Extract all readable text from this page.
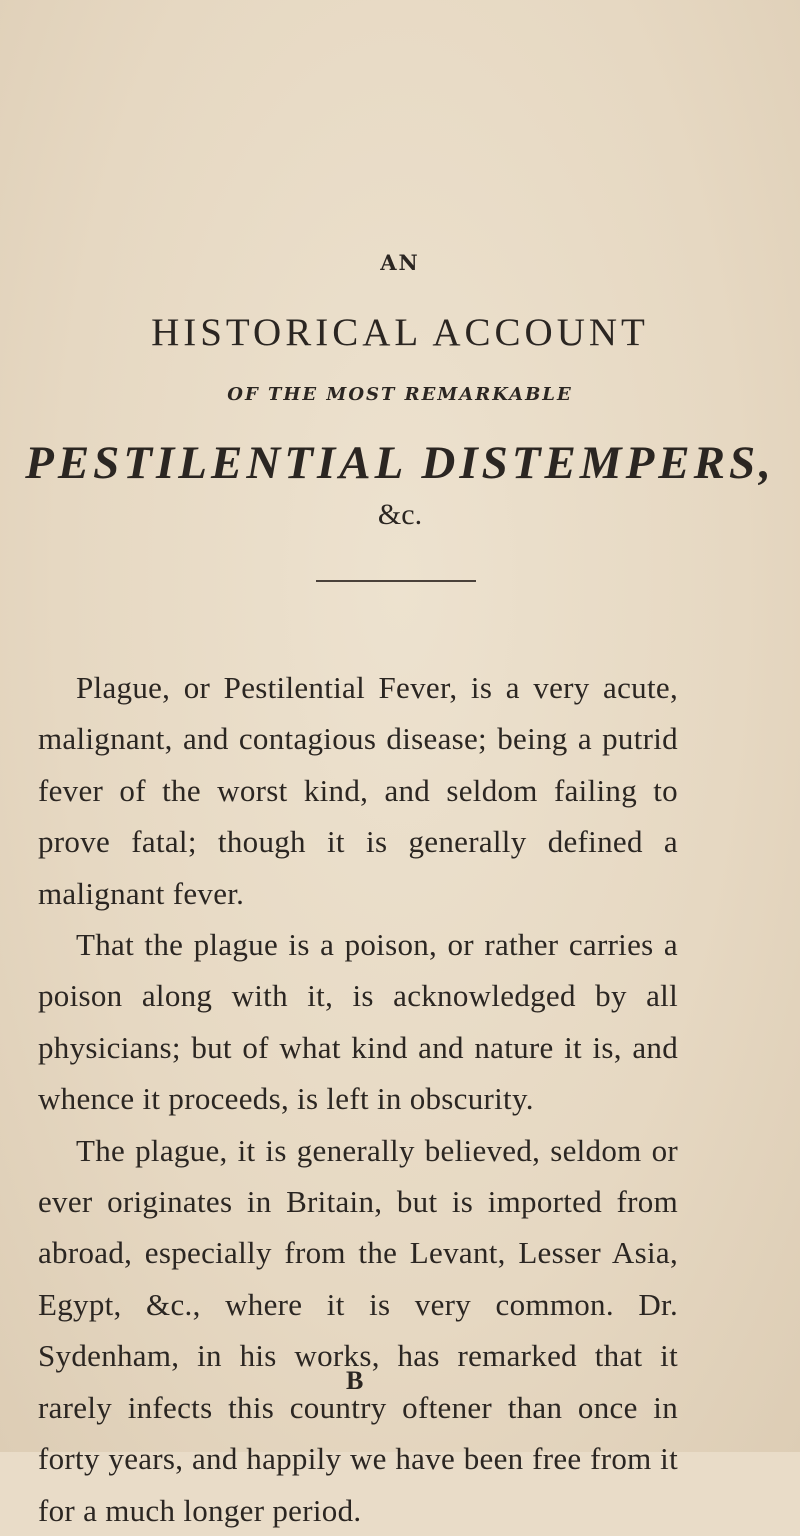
AN
HISTORICAL ACCOUNT
OF THE MOST REMARKABLE
PESTILENTIAL DISTEMPERS,
&c.

Plague, or Pestilential Fever, is a very acute, malignant, and contagious disease; being a putrid fever of the worst kind, and seldom failing to prove fatal; though it is generally defined a malignant fever.

That the plague is a poison, or rather carries a poison along with it, is acknowledged by all physicians; but of what kind and nature it is, and whence it proceeds, is left in obscurity.

The plague, it is generally believed, seldom or ever originates in Britain, but is imported from abroad, especially from the Levant, Lesser Asia, Egypt, &c., where it is very common. Dr. Sydenham, in his works, has remarked that it rarely infects this country oftener than once in forty years, and happily we have been free from it for a much longer period.

B
